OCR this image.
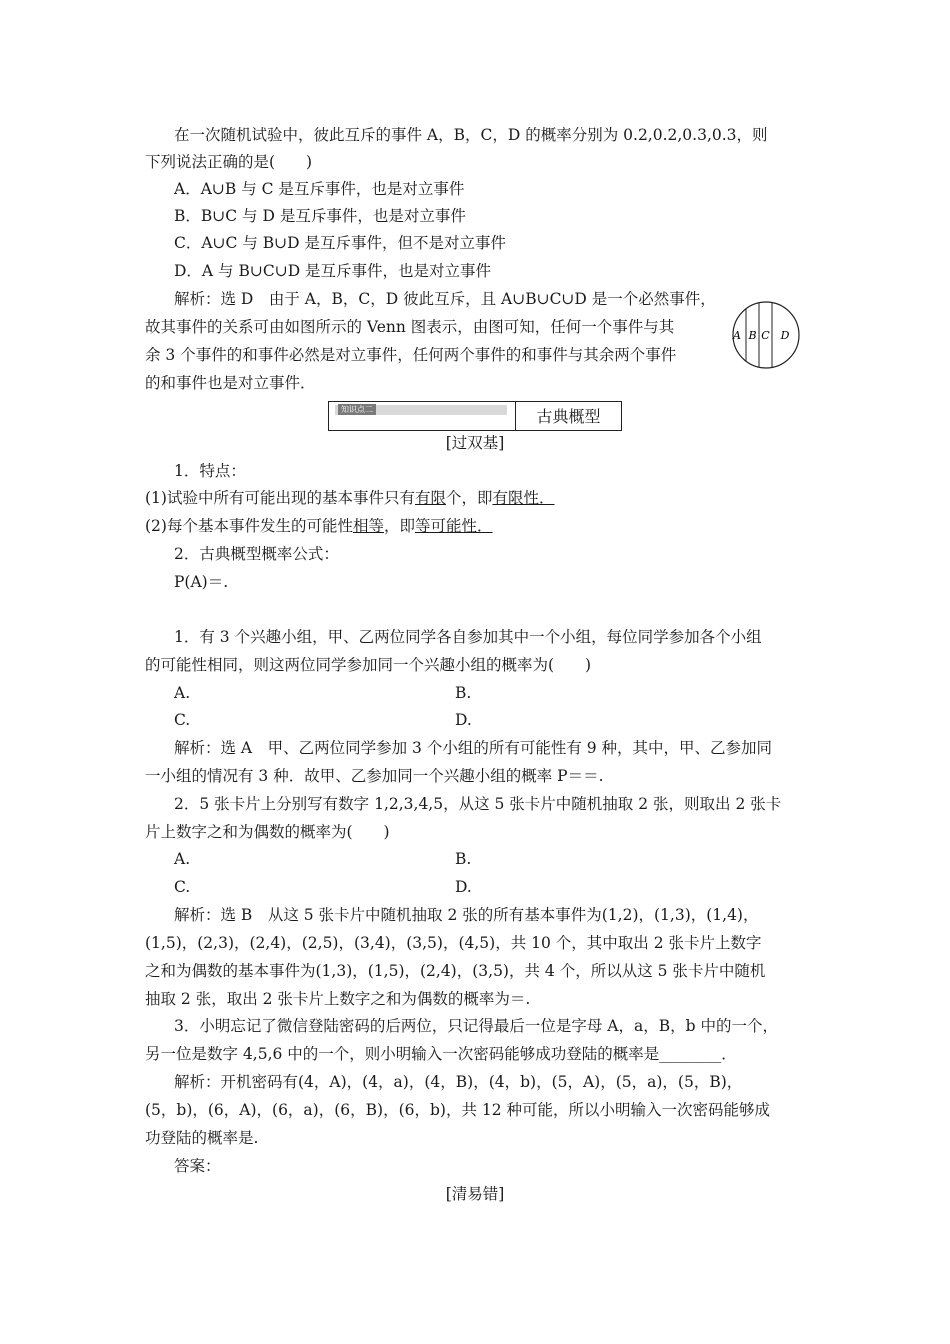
在一次随机试验中，彼此互斥的事件 A，B，C，D 的概率分别为 0.2,0.2,0.3,0.3，则
下列说法正确的是(　　)
A．A∪B 与 C 是互斥事件，也是对立事件
B．B∪C 与 D 是互斥事件，也是对立事件
C．A∪C 与 B∪D 是互斥事件，但不是对立事件
D．A 与 B∪C∪D 是互斥事件，也是对立事件
解析：选 D　由于 A，B，C，D 彼此互斥，且 A∪B∪C∪D 是一个必然事件，
故其事件的关系可由如图所示的 Venn 图表示，由图可知，任何一个事件与其
余 3 个事件的和事件必然是对立事件，任何两个事件的和事件与其余两个事件
的和事件也是对立事件．
A B C D
知识点二	古典概型
[过双基]
1．特点：
(1)试验中所有可能出现的基本事件只有有限个，即有限性．
(2)每个基本事件发生的可能性相等，即等可能性．
2．古典概型概率公式：
P(A)＝.
1．有 3 个兴趣小组，甲、乙两位同学各自参加其中一个小组，每位同学参加各个小组
的可能性相同，则这两位同学参加同一个兴趣小组的概率为(　　)
A.	B.
C.	D.
解析：选 A　甲、乙两位同学参加 3 个小组的所有可能性有 9 种，其中，甲、乙参加同
一小组的情况有 3 种．故甲、乙参加同一个兴趣小组的概率 P＝＝.
2．5 张卡片上分别写有数字 1,2,3,4,5，从这 5 张卡片中随机抽取 2 张，则取出 2 张卡
片上数字之和为偶数的概率为(　　)
A.	B.
C.	D.
解析：选 B　从这 5 张卡片中随机抽取 2 张的所有基本事件为(1,2)，(1,3)，(1,4)，
(1,5)，(2,3)，(2,4)，(2,5)，(3,4)，(3,5)，(4,5)，共 10 个，其中取出 2 张卡片上数字
之和为偶数的基本事件为(1,3)，(1,5)，(2,4)，(3,5)，共 4 个，所以从这 5 张卡片中随机
抽取 2 张，取出 2 张卡片上数字之和为偶数的概率为＝.
3．小明忘记了微信登陆密码的后两位，只记得最后一位是字母 A，a，B，b 中的一个，
另一位是数字 4,5,6 中的一个，则小明输入一次密码能够成功登陆的概率是________．
解析：开机密码有(4，A)，(4，a)，(4，B)，(4，b)，(5，A)，(5，a)，(5，B)，
(5，b)，(6，A)，(6，a)，(6，B)，(6，b)，共 12 种可能，所以小明输入一次密码能够成
功登陆的概率是.
答案：
[清易错]
